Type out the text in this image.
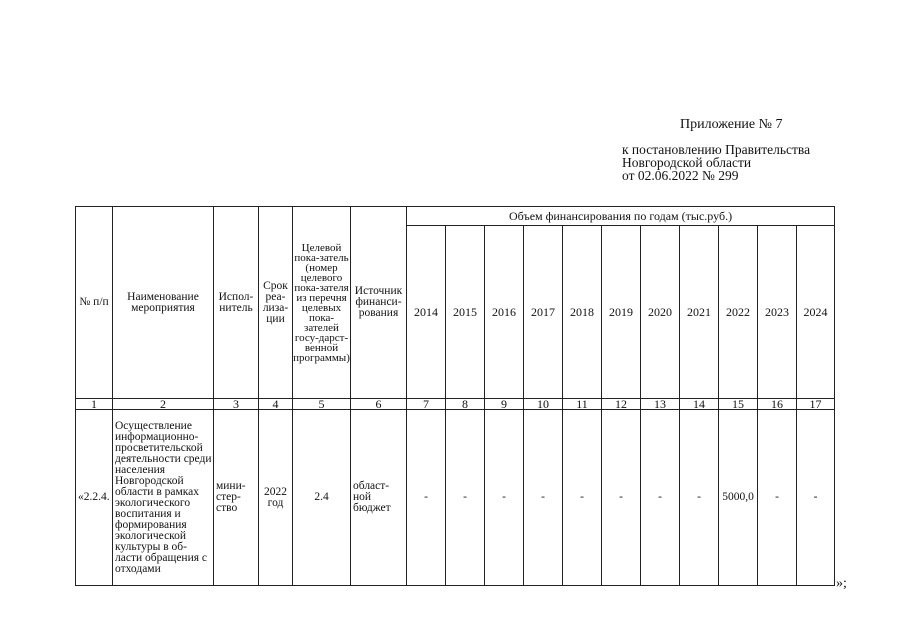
Приложение № 7
к постановлению Правительства
Новгородской области
от 02.06.2022 № 299
№ п/п	Наименование мероприятия	Испол-нитель	Срок реа-лиза-ции	Целевой пока-затель (номер целевого пока-зателя из перечня целевых пока-зателей госу-дарст-венной программы)	Источник финанси-рования	Объем финансирования по годам (тыс.руб.)										
						2014	2015	2016	2017	2018	2019	2020	2021	2022	2023	2024
1	2	3	4	5	6	7	8	9	10	11	12	13	14	15	16	17
«2.2.4.	Осуществление информационно-просветительской деятельности среди населения Новгородской области в рамках экологического воспитания и формирования экологической культуры в об-ласти обращения с отходами	мини-стер-ство	2022 год	2.4	област-ной бюджет	-	-	-	-	-	-	-	-	5000,0	-	-
»;
